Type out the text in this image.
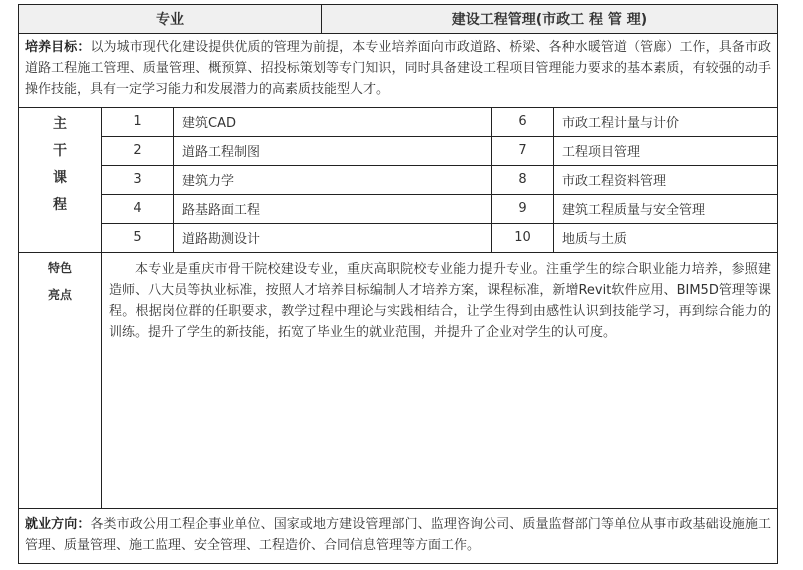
专业	建设工程管理(市政工 程 管 理)
培养目标：以为城市现代化建设提供优质的管理为前提，本专业培养面向市政道路、桥梁、各种水暖管道（管廊）工作，具备市政道路工程施工管理、质量管理、概预算、招投标策划等专门知识，同时具备建设工程项目管理能力要求的基本素质，有较强的动手操作技能，具有一定学习能力和发展潜力的高素质技能型人才。
主
干
课
程
1	建筑CAD	6	市政工程计量与计价
2	道路工程制图	7	工程项目管理
3	建筑力学	8	市政工程资料管理
4	路基路面工程	9	建筑工程质量与安全管理
5	道路勘测设计	10	地质与土质
特色
亮点
本专业是重庆市骨干院校建设专业，重庆高职院校专业能力提升专业。注重学生的综合职业能力培养，参照建造师、八大员等执业标准，按照人才培养目标编制人才培养方案，课程标准，新增Revit软件应用、BIM5D管理等课程。根据岗位群的任职要求，教学过程中理论与实践相结合，让学生得到由感性认识到技能学习，再到综合能力的训练。提升了学生的新技能，拓宽了毕业生的就业范围，并提升了企业对学生的认可度。
就业方向：各类市政公用工程企事业单位、国家或地方建设管理部门、监理咨询公司、质量监督部门等单位从事市政基础设施施工管理、质量管理、施工监理、安全管理、工程造价、合同信息管理等方面工作。
